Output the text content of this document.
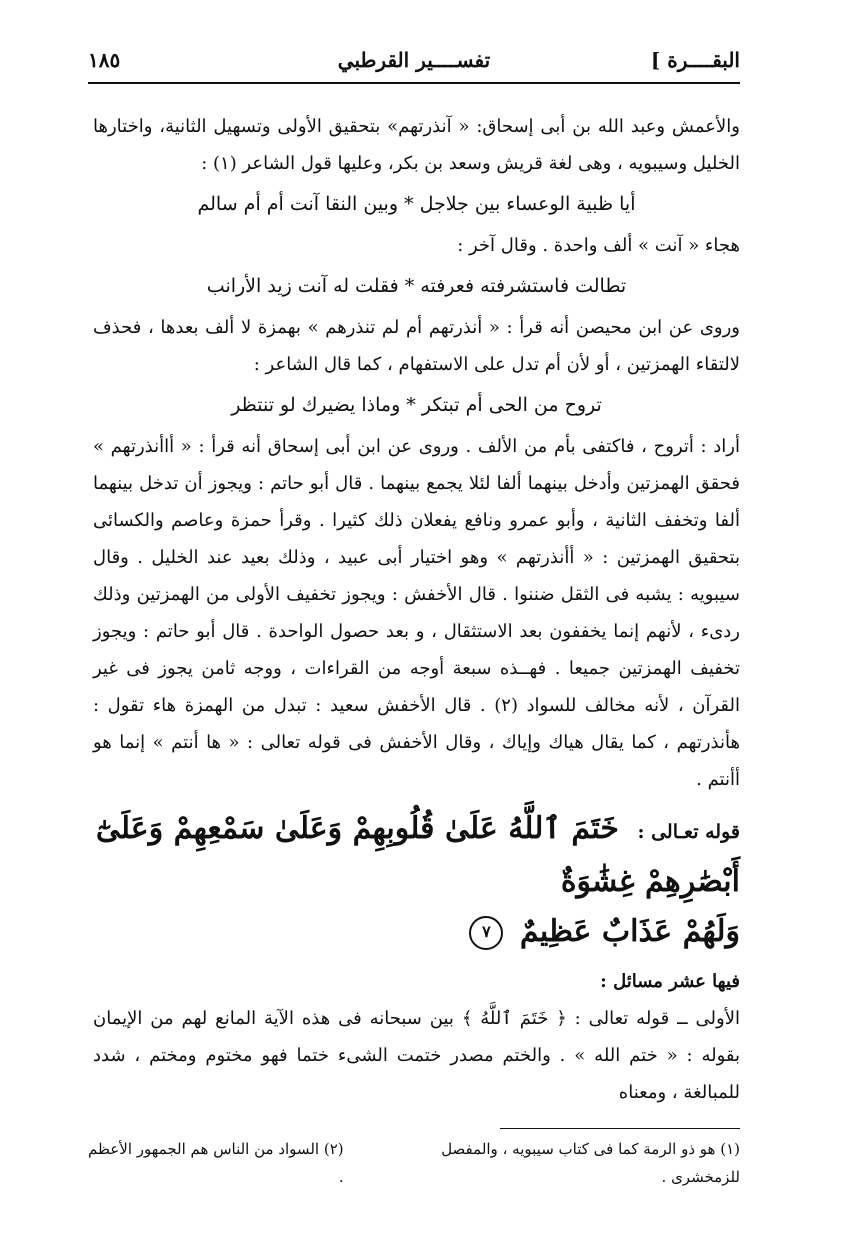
البقــــرة ]
١٨٥	تفســــير القرطبي

والأعمش وعبد الله بن أبى إسحاق: « آنذرتهم» بتحقيق الأولى وتسهيل الثانية، واختارها الخليل وسيبويه ، وهى لغة قريش وسعد بن بكر، وعليها قول الشاعر (١) :

أيا ظبية الوعساء بين جلاجل * وبين النقا آنت أم أم سالم

هجاء « آنت » ألف واحدة . وقال آخر :

تطالت فاستشرفته فعرفته * فقلت له آنت زيد الأرانب

وروى عن ابن محيصن أنه قرأ : « أنذرتهم أم لم تنذرهم » بهمزة لا ألف بعدها ، فحذف لالتقاء الهمزتين ، أو لأن أم تدل على الاستفهام ، كما قال الشاعر :

تروح من الحى أم تبتكر * وماذا يضيرك لو تنتظر

أراد : أتروح ، فاكتفى بأم من الألف . وروى عن ابن أبى إسحاق أنه قرأ : « أاأنذرتهم » فحقق الهمزتين وأدخل بينهما ألفا لئلا يجمع بينهما . قال أبو حاتم : ويجوز أن تدخل بينهما ألفا وتخفف الثانية ، وأبو عمرو ونافع يفعلان ذلك كثيرا . وقرأ حمزة وعاصم والكسائى بتحقيق الهمزتين : « أأنذرتهم » وهو اختيار أبى عبيد ، وذلك بعيد عند الخليل . وقال سيبويه : يشبه فى الثقل ضننوا . قال الأخفش : ويجوز تخفيف الأولى من الهمزتين وذلك ردىء ، لأنهم إنما يخففون بعد الاستثقال ، و بعد حصول الواحدة . قال أبو حاتم : ويجوز تخفيف الهمزتين جميعا . فهــذه سبعة أوجه من القراءات ، ووجه ثامن يجوز فى غير القرآن ، لأنه مخالف للسواد (٢) . قال الأخفش سعيد : تبدل من الهمزة هاء تقول : هأنذرتهم ، كما يقال هياك وإياك ، وقال الأخفش فى قوله تعالى : « ها أنتم » إنما هو أأنتم .

قوله تعـالى : خَتَمَ ٱللَّهُ عَلَىٰ قُلُوبِهِمْ وَعَلَىٰ سَمْعِهِمْ وَعَلَىٰٓ أَبْصَٰرِهِمْ غِشَٰوَةٌ
وَلَهُمْ عَذَابٌ عَظِيمٌ ٧
فيها عشر مسائل :

الأولى ــ قوله تعالى : ﴿ خَتَمَ ٱللَّهُ ﴾ بين سبحانه فى هذه الآية المانع لهم من الإيمان بقوله : « ختم الله » . والختم مصدر ختمت الشىء ختما فهو مختوم ومختم ، شدد للمبالغة ، ومعناه

(١) هو ذو الرمة كما فى كتاب سيبويه ، والمفصل للزمخشرى .
(٢) السواد من الناس هم الجمهور الأعظم .
